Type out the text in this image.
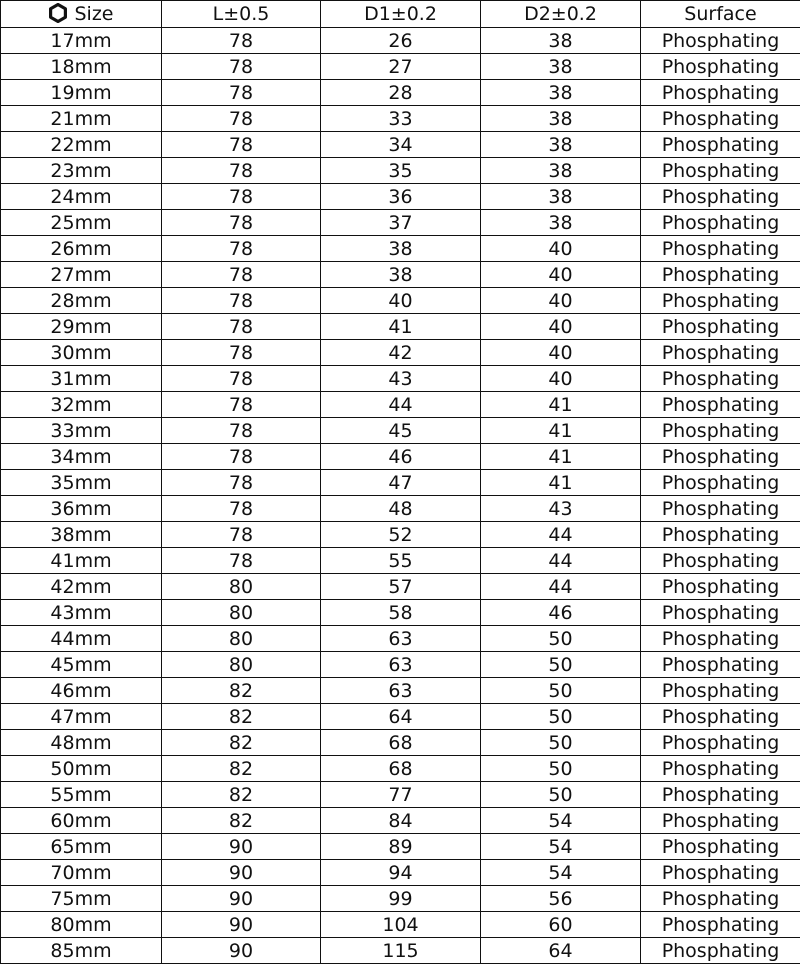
Size	L±0.5	D1±0.2	D2±0.2	Surface
17mm	78	26	38	Phosphating
18mm	78	27	38	Phosphating
19mm	78	28	38	Phosphating
21mm	78	33	38	Phosphating
22mm	78	34	38	Phosphating
23mm	78	35	38	Phosphating
24mm	78	36	38	Phosphating
25mm	78	37	38	Phosphating
26mm	78	38	40	Phosphating
27mm	78	38	40	Phosphating
28mm	78	40	40	Phosphating
29mm	78	41	40	Phosphating
30mm	78	42	40	Phosphating
31mm	78	43	40	Phosphating
32mm	78	44	41	Phosphating
33mm	78	45	41	Phosphating
34mm	78	46	41	Phosphating
35mm	78	47	41	Phosphating
36mm	78	48	43	Phosphating
38mm	78	52	44	Phosphating
41mm	78	55	44	Phosphating
42mm	80	57	44	Phosphating
43mm	80	58	46	Phosphating
44mm	80	63	50	Phosphating
45mm	80	63	50	Phosphating
46mm	82	63	50	Phosphating
47mm	82	64	50	Phosphating
48mm	82	68	50	Phosphating
50mm	82	68	50	Phosphating
55mm	82	77	50	Phosphating
60mm	82	84	54	Phosphating
65mm	90	89	54	Phosphating
70mm	90	94	54	Phosphating
75mm	90	99	56	Phosphating
80mm	90	104	60	Phosphating
85mm	90	115	64	Phosphating
